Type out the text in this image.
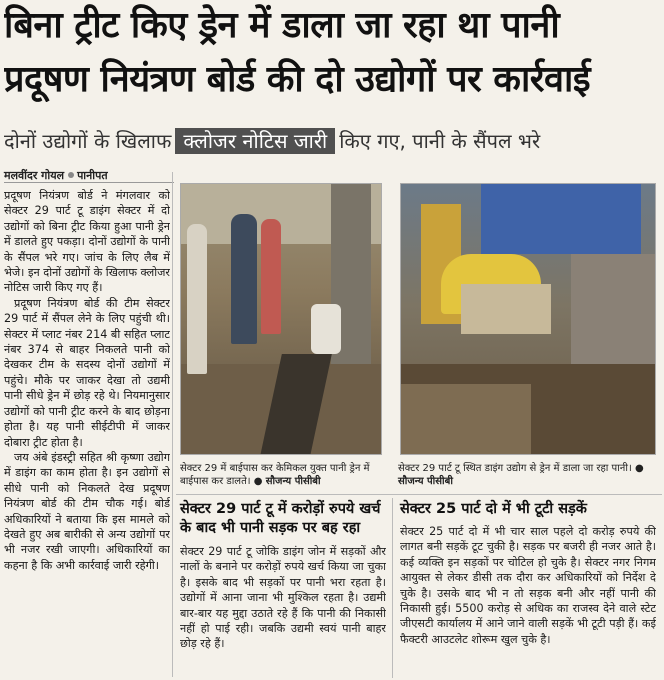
बिना ट्रीट किए ड्रेन में डाला जा रहा था पानी
प्रदूषण नियंत्रण बोर्ड की दो उद्योगों पर कार्रवाई
दोनों उद्योगों के खिलाफ क्लोजर नोटिस जारी किए गए, पानी के सैंपल भरे
मलवींदर गोयल पानीपत

प्रदूषण नियंत्रण बोर्ड ने मंगलवार को सेक्टर 29 पार्ट टू डाइंग सेक्टर में दो उद्योगों को बिना ट्रीट किया हुआ पानी ड्रेन में डालते हुए पकड़ा। दोनों उद्योगों के पानी के सैंपल भरे गए। जांच के लिए लैब में भेजे। इन दोनों उद्योगों के खिलाफ क्लोजर नोटिस जारी किए गए हैं।

प्रदूषण नियंत्रण बोर्ड की टीम सेक्टर 29 पार्ट में सैंपल लेने के लिए पहुंची थी। सेक्टर में प्लाट नंबर 214 बी सहित प्लाट नंबर 374 से बाहर निकलते पानी को देखकर टीम के सदस्य दोनों उद्योगों में पहुंचे। मौके पर जाकर देखा तो उद्यमी पानी सीधे ड्रेन में छोड़ रहे थे। नियमानुसार उद्योगों को पानी ट्रीट करने के बाद छोड़ना होता है। यह पानी सीईटीपी में जाकर दोबारा ट्रीट होता है।

जय अंबे इंडस्ट्री सहित श्री कृष्णा उद्योग में डाइंग का काम होता है। इन उद्योगों से सीधे पानी को निकलते देख प्रदूषण नियंत्रण बोर्ड की टीम चौक गई। बोर्ड अधिकारियों ने बताया कि इस मामले को देखते हुए अब बारीकी से अन्य उद्योगों पर भी नजर रखी जाएगी। अधिकारियों का कहना है कि अभी कार्रवाई जारी रहेगी।

सेक्टर 29 में बाईपास कर केमिकल युक्त पानी ड्रेन में बाईपास कर डालते। ● सौजन्य पीसीबी
सेक्टर 29 पार्ट टू स्थित डाइंग उद्योग से ड्रेन में डाला जा रहा पानी। ● सौजन्य पीसीबी
सेक्टर 29 पार्ट टू में करोड़ों रुपये खर्च के बाद भी पानी सड़क पर बह रहा
सेक्टर 29 पार्ट टू जोकि डाइंग जोन में सड़कों और नालों के बनाने पर करोड़ों रुपये खर्च किया जा चुका है। इसके बाद भी सड़कों पर पानी भरा रहता है। उद्योगों में आना जाना भी मुश्किल रहता है। उद्यमी बार-बार यह मुद्दा उठाते रहे हैं कि पानी की निकासी नहीं हो पाई रही। जबकि उद्यमी स्वयं पानी बाहर छोड़ रहे हैं।
सेक्टर 25 पार्ट दो में भी टूटी सड़कें
सेक्टर 25 पार्ट दो में भी चार साल पहले दो करोड़ रुपये की लागत बनी सड़कें टूट चुकी है। सड़क पर बजरी ही नजर आते है। कई व्यक्ति इन सड़कों पर चोटिल हो चुके है। सेक्टर नगर निगम आयुक्त से लेकर डीसी तक दौरा कर अधिकारियों को निर्देश दे चुके है। उसके बाद भी न तो सड़क बनी और नहीं पानी की निकासी हुई। 5500 करोड़ से अधिक का राजस्व देने वाले स्टेट जीएसटी कार्यालय में आने जाने वाली सड़कें भी टूटी पड़ी हैं। कई फैक्टरी आउटलेट शोरूम खुल चुके है।
